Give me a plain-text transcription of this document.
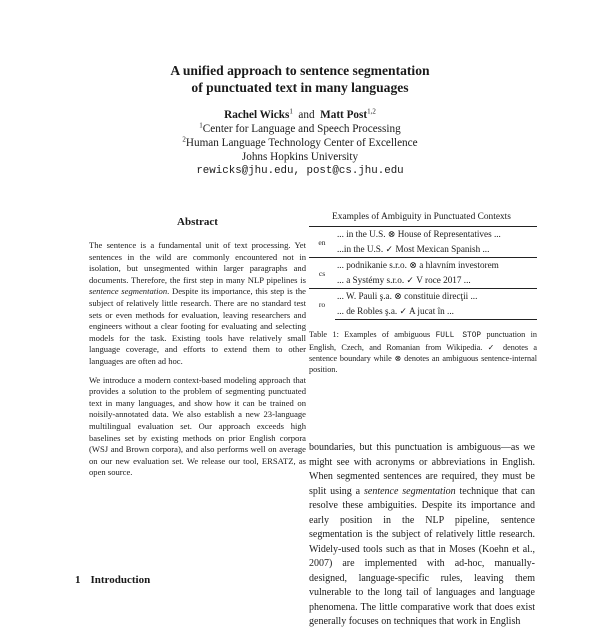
A unified approach to sentence segmentation
of punctuated text in many languages
Rachel Wicks$^1$ and Matt Post$^{1,2}$
$^1$Center for Language and Speech Processing
$^2$Human Language Technology Center of Excellence
Johns Hopkins University
rewicks@jhu.edu, post@cs.jhu.edu
Abstract

The sentence is a fundamental unit of text processing. Yet sentences in the wild are commonly encountered not in isolation, but unsegmented within larger paragraphs and documents. Therefore, the first step in many NLP pipelines is sentence segmentation. Despite its importance, this step is the subject of relatively little research. There are no standard test sets or even methods for evaluation, leaving researchers and engineers without a clear footing for evaluating and selecting models for the task. Existing tools have relatively small language coverage, and efforts to extend them to other languages are often ad hoc.

We introduce a modern context-based modeling approach that provides a solution to the problem of segmenting punctuated text in many languages, and show how it can be trained on noisily-annotated data. We also establish a new 23-language multilingual evaluation set. Our approach exceeds high baselines set by existing methods on prior English corpora (WSJ and Brown corpora), and also performs well on average on our new evaluation set. We release our tool, ERSATZ, as open source.

1 Introduction
Examples of Ambiguity in Punctuated Contexts
en	... in the U.S. ⊗ House of Representatives ...
	...in the U.S. ✓ Most Mexican Spanish ...
cs	... podnikanie s.r.o. ⊗ a hlavním investorem
	... a Systémy s.r.o. ✓ V roce 2017 ...
ro	... W. Pauli ş.a. ⊗ constituie direcţii ...
	... de Robles ş.a. ✓ A jucat în ...
Table 1: Examples of ambiguous FULL STOP punctuation in English, Czech, and Romanian from Wikipedia. ✓ denotes a sentence boundary while ⊗ denotes an ambiguous sentence-internal position.

boundaries, but this punctuation is ambiguous—as we might see with acronyms or abbreviations in English. When segmented sentences are required, they must be split using a sentence segmentation technique that can resolve these ambiguities. Despite its importance and early position in the NLP pipeline, sentence segmentation is the subject of relatively little research. Widely-used tools such as that in Moses (Koehn et al., 2007) are implemented with ad-hoc, manually-designed, language-specific rules, leaving them vulnerable to the long tail of languages and language phenomena. The little comparative work that does exist generally focuses on techniques that work in English
